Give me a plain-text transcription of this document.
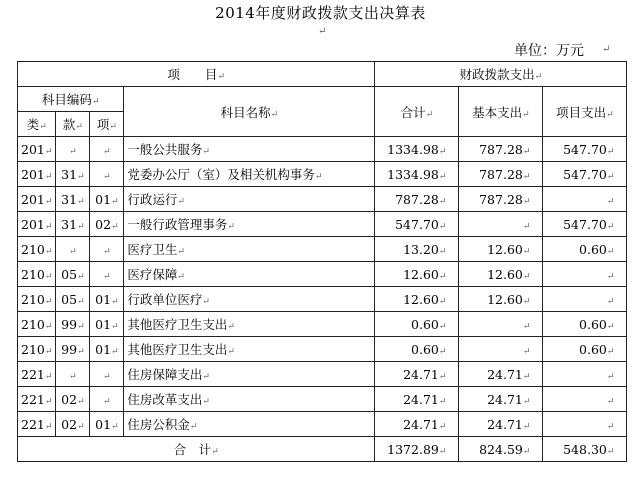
2014年度财政拨款支出决算表
↵
单位：万元 ↵
项　　目↵				财政拨款支出↵		
科目编码↵			科目名称↵	合计↵	基本支出↵	项目支出↵
类↵	款↵	项↵				
201↵	↵	↵	一般公共服务↵	1334.98↵	787.28↵	547.70↵
201↵	31↵	↵	党委办公厅（室）及相关机构事务↵	1334.98↵	787.28↵	547.70↵
201↵	31↵	01↵	行政运行↵	787.28↵	787.28↵	↵
201↵	31↵	02↵	一般行政管理事务↵	547.70↵	↵	547.70↵
210↵	↵	↵	医疗卫生↵	13.20↵	12.60↵	0.60↵
210↵	05↵	↵	医疗保障↵	12.60↵	12.60↵	↵
210↵	05↵	01↵	行政单位医疗↵	12.60↵	12.60↵	↵
210↵	99↵	01↵	其他医疗卫生支出↵	0.60↵	↵	0.60↵
210↵	99↵	01↵	其他医疗卫生支出↵	0.60↵	↵	0.60↵
221↵	↵	↵	住房保障支出↵	24.71↵	24.71↵	↵
221↵	02↵	↵	住房改革支出↵	24.71↵	24.71↵	↵
221↵	02↵	01↵	住房公积金↵	24.71↵	24.71↵	↵
合　计↵				1372.89↵	824.59↵	548.30↵
